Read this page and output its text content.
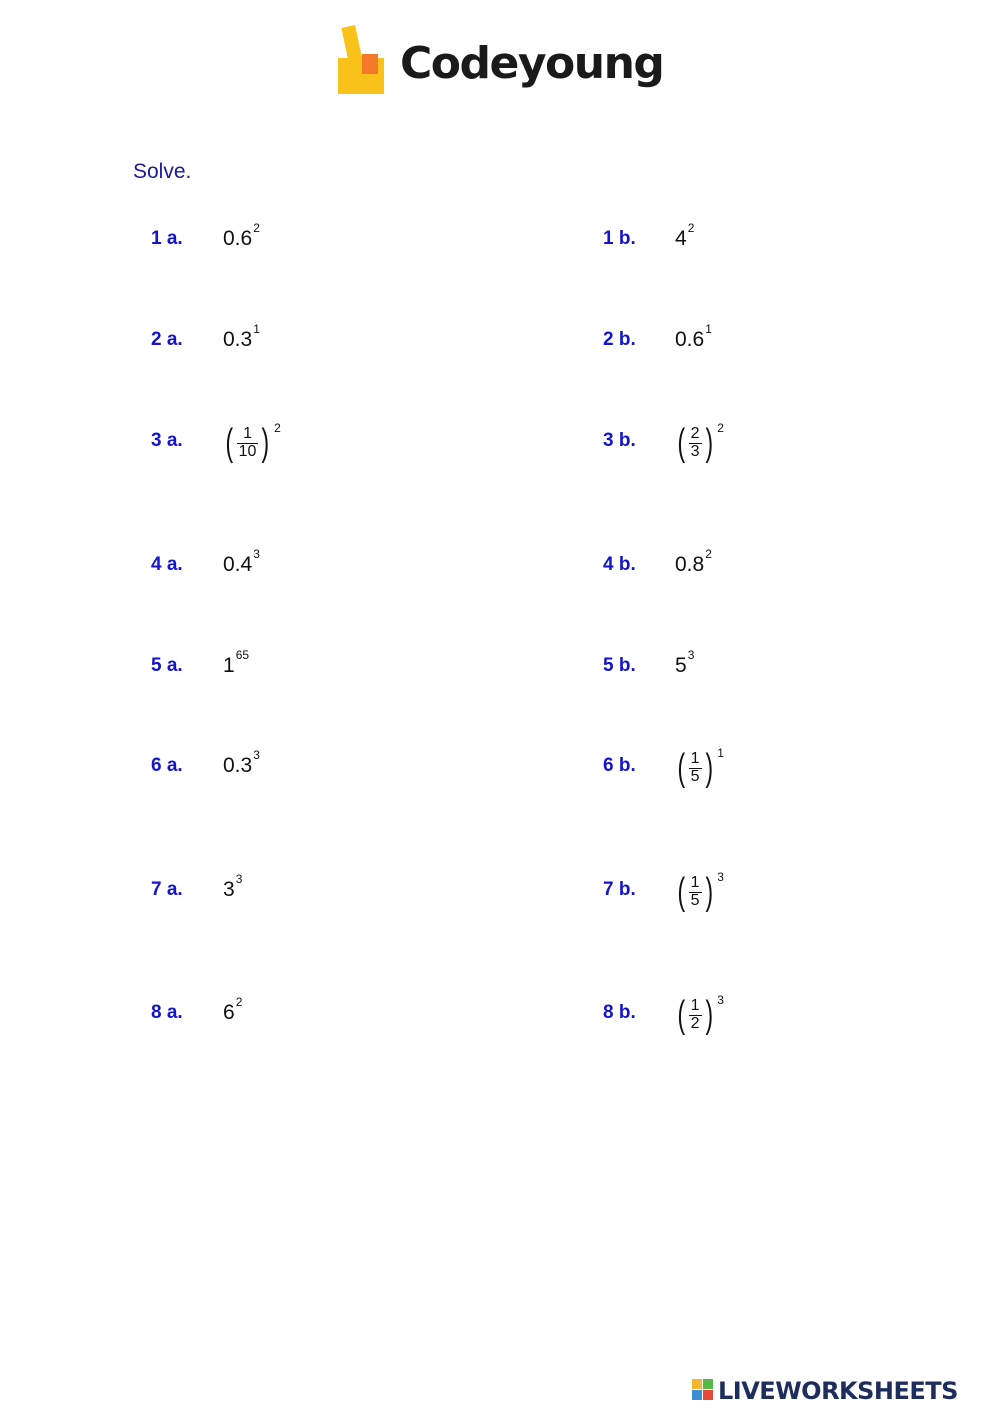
Codeyoung
Solve.
1 a. $0.6^2$
2 a. $0.3^1$
3 a. ( $\frac{1}{10}$ ) 2
4 a. $0.4^3$
5 a. $1^{65}$
6 a. $0.3^3$
7 a. $3^3$
8 a. $6^2$
1 b. $4^2$
2 b. $0.6^1$
3 b. ( $\frac{2}{3}$ ) 2
4 b. $0.8^2$
5 b. $5^3$
6 b. ( $\frac{1}{5}$ ) 1
7 b. ( $\frac{1}{5}$ ) 3
8 b. ( $\frac{1}{2}$ ) 3
LIVEWORKSHEETS
